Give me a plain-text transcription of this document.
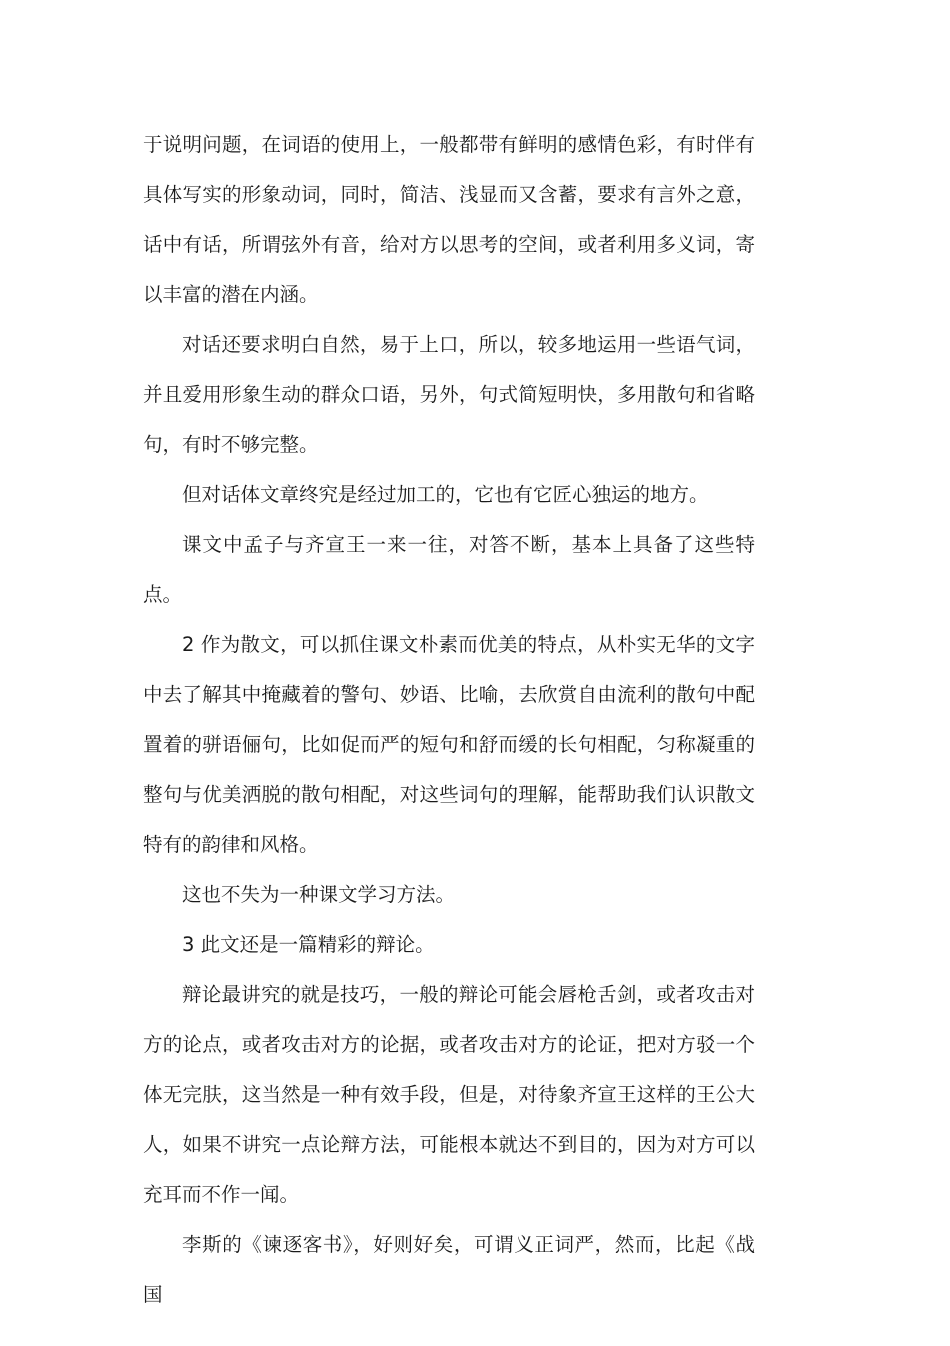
于说明问题，在词语的使用上，一般都带有鲜明的感情色彩，有时伴有具体写实的形象动词，同时，简洁、浅显而又含蓄，要求有言外之意，话中有话，所谓弦外有音，给对方以思考的空间，或者利用多义词，寄以丰富的潜在内涵。

对话还要求明白自然，易于上口，所以，较多地运用一些语气词，并且爱用形象生动的群众口语，另外，句式简短明快，多用散句和省略句，有时不够完整。

但对话体文章终究是经过加工的，它也有它匠心独运的地方。

课文中孟子与齐宣王一来一往，对答不断，基本上具备了这些特点。

2 作为散文，可以抓住课文朴素而优美的特点，从朴实无华的文字中去了解其中掩藏着的警句、妙语、比喻，去欣赏自由流利的散句中配置着的骈语俪句，比如促而严的短句和舒而缓的长句相配，匀称凝重的整句与优美洒脱的散句相配，对这些词句的理解，能帮助我们认识散文特有的韵律和风格。

这也不失为一种课文学习方法。

3 此文还是一篇精彩的辩论。

辩论最讲究的就是技巧，一般的辩论可能会唇枪舌剑，或者攻击对方的论点，或者攻击对方的论据，或者攻击对方的论证，把对方驳一个体无完肤，这当然是一种有效手段，但是，对待象齐宣王这样的王公大人，如果不讲究一点论辩方法，可能根本就达不到目的，因为对方可以充耳而不作一闻。

李斯的《谏逐客书》，好则好矣，可谓义正词严，然而，比起《战国
